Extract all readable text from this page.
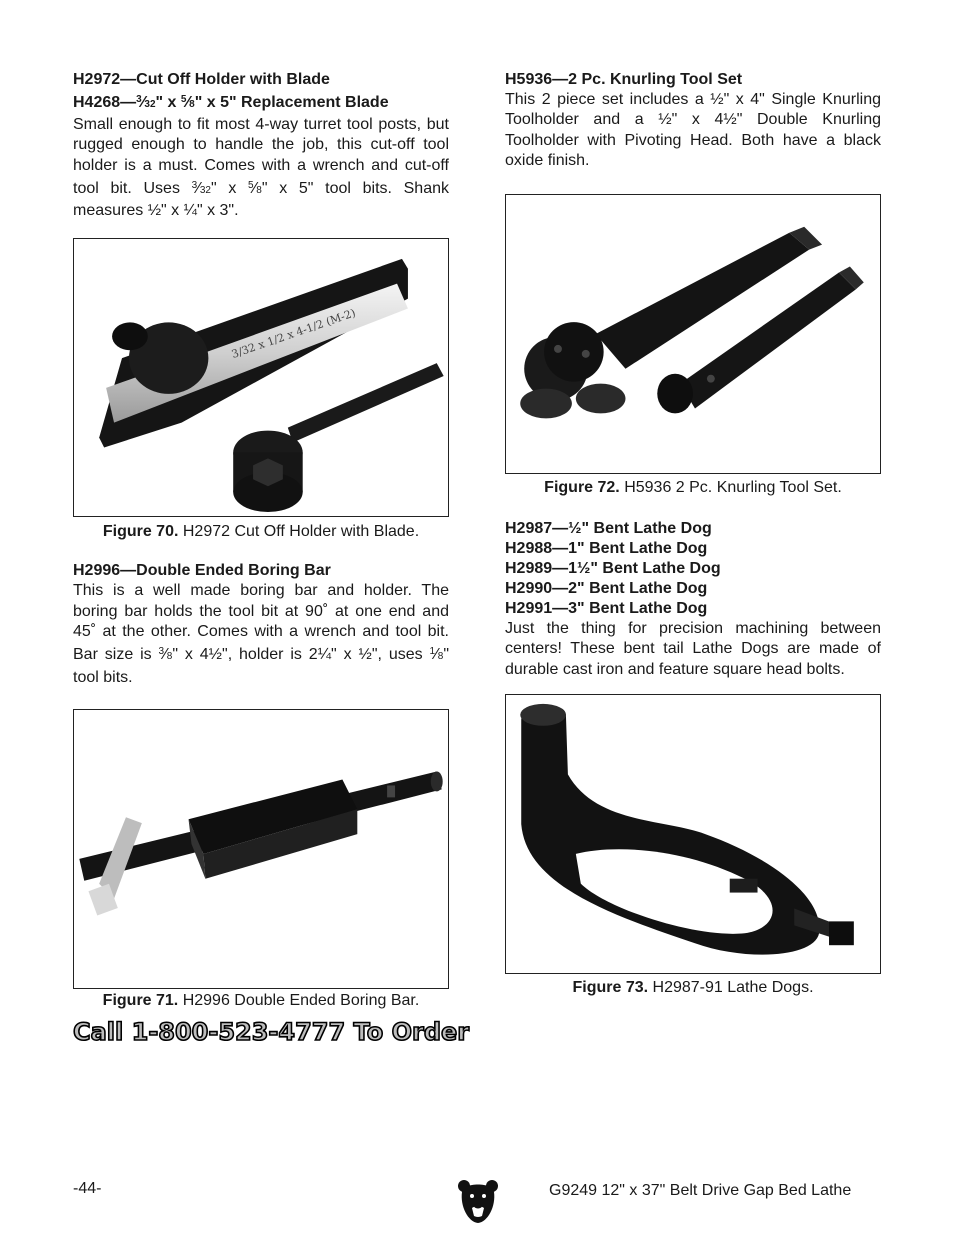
H2972—Cut Off Holder with Blade

H4268—$^3$⁄32" x $^5$⁄8" x 5" Replacement Blade

Small enough to fit most 4-way turret tool posts, but rugged enough to handle the job, this cut-off tool holder is a must. Comes with a wrench and cut-off tool bit. Uses $^3$⁄32" x $^5$⁄8" x 5" tool bits. Shank measures ½" x ¼" x 3".

3/32 x 1/2 x 4-1/2 (M-2)

Figure 70. H2972 Cut Off Holder with Blade.

H2996—Double Ended Boring Bar

This is a well made boring bar and holder. The boring bar holds the tool bit at 90˚ at one end and 45˚ at the other. Comes with a wrench and tool bit. Bar size is $^3$⁄8" x 4½", holder is 2¼" x ½", uses $^1$⁄8" tool bits.

Figure 71. H2996 Double Ended Boring Bar.

H5936—2 Pc. Knurling Tool Set

This 2 piece set includes a ½" x 4" Single Knurling Toolholder and a ½" x 4½" Double Knurling Toolholder with Pivoting Head. Both have a black oxide finish.

Figure 72. H5936 2 Pc. Knurling Tool Set.

H2987—½" Bent Lathe Dog

H2988—1" Bent Lathe Dog

H2989—1½" Bent Lathe Dog

H2990—2" Bent Lathe Dog

H2991—3" Bent Lathe Dog

Just the thing for precision machining between centers! These bent tail Lathe Dogs are made of durable cast iron and feature square head bolts.

Figure 73. H2987-91 Lathe Dogs.

Call 1-800-523-4777 To Order
-44-	G9249 12" x 37" Belt Drive Gap Bed Lathe
